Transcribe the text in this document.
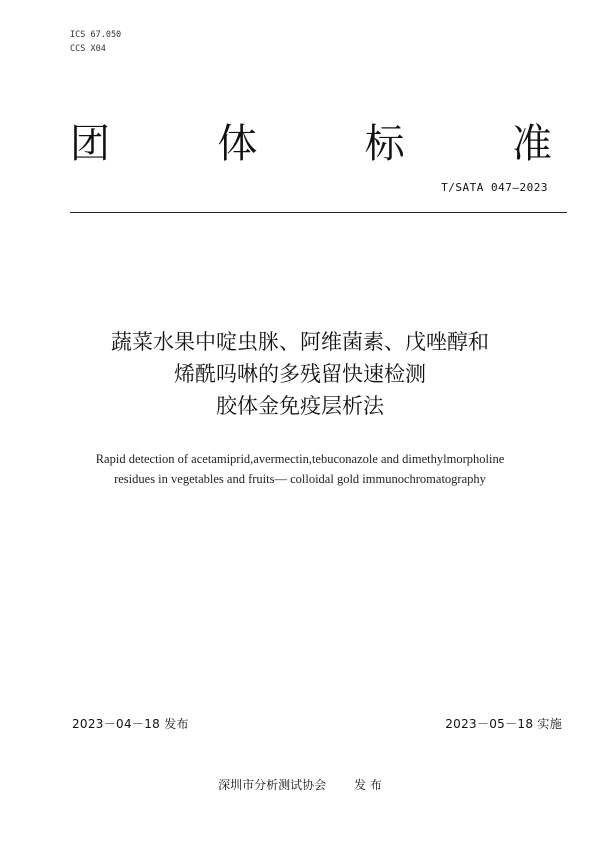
ICS 67.050
CCS X04
团	体	标	准
T/SATA 047—2023
蔬菜水果中啶虫脒、阿维菌素、戊唑醇和
烯酰吗啉的多残留快速检测
胶体金免疫层析法
Rapid detection of acetamiprid,avermectin,tebuconazole and dimethylmorpholine
residues in vegetables and fruits— colloidal gold immunochromatography
2023－04－18 发布	2023－05－18 实施
深圳市分析测试协会 发 布
